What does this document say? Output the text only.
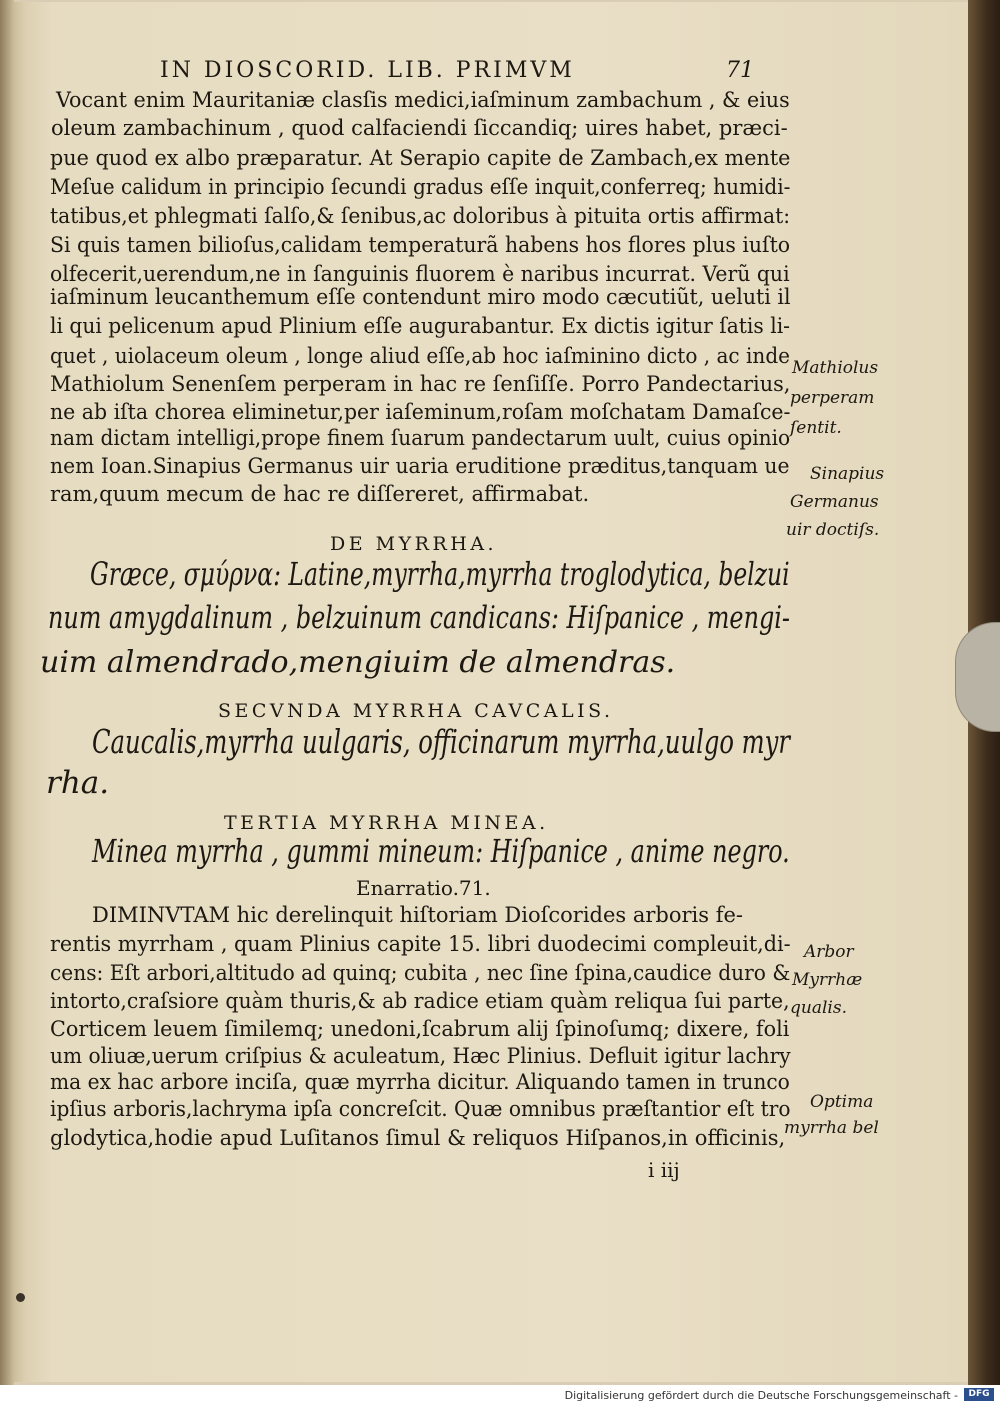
IN DIOSCORID. LIB. PRIMVM	71
Vocant enim Mauritaniæ clasſis medici,iaſminum zambachum , & eius
oleum zambachinum , quod calfaciendi ſiccandiq; uires habet, præci-
pue quod ex albo præparatur. At Serapio capite de Zambach,ex mente
Meſue calidum in principio ſecundi gradus eſſe inquit,conferreq; humidi-
tatibus,et phlegmati ſalſo,& ſenibus,ac doloribus à pituita ortis affirmat:
Si quis tamen bilioſus,calidam temperaturã habens hos flores plus iuſto
olfecerit,uerendum,ne in ſanguinis fluorem è naribus incurrat. Verũ qui
iaſminum leucanthemum eſſe contendunt miro modo cæcutiũt, ueluti il
li qui pelicenum apud Plinium eſſe augurabantur. Ex dictis igitur ſatis li-
quet , uiolaceum oleum , longe aliud eſſe,ab hoc iaſminino dicto , ac inde
Mathiolum Senenſem perperam in hac re ſenſiſſe. Porro Pandectarius,
ne ab iſta chorea eliminetur,per iaſeminum,roſam moſchatam Damaſce-
nam dictam intelligi,prope finem ſuarum pandectarum uult, cuius opinio
nem Ioan.Sinapius Germanus uir uaria eruditione præditus,tanquam ue
ram,quum mecum de hac re diſſereret, affirmabat.
Mathiolus
perperam
ſentit.
Sinapius
Germanus
uir doctiſs.
Arbor
Myrrhæ
qualis.
Optima
myrrha bel
DE MYRRHA.
Græce, σμύρνα: Latine,myrrha,myrrha troglodytica, belzui
num amygdalinum , belzuinum candicans: Hiſpanice , mengi-
uim almendrado,mengiuim de almendras.
SECVNDA MYRRHA CAVCALIS.
Caucalis,myrrha uulgaris, officinarum myrrha,uulgo myr
rha.
TERTIA MYRRHA MINEA.
Minea myrrha , gummi mineum: Hiſpanice , anime negro.
Enarratio.71.
DIMINVTAM hic derelinquit hiſtoriam Dioſcorides arboris fe-
rentis myrrham , quam Plinius capite 15. libri duodecimi compleuit,di-
cens: Eſt arbori,altitudo ad quinq; cubita , nec ſine ſpina,caudice duro &
intorto,craſsiore quàm thuris,& ab radice etiam quàm reliqua ſui parte,
Corticem leuem ſimilemq; unedoni,ſcabrum alij ſpinoſumq; dixere, foli
um oliuæ,uerum criſpius & aculeatum, Hæc Plinius. Defluit igitur lachry
ma ex hac arbore inciſa, quæ myrrha dicitur. Aliquando tamen in trunco
ipſius arboris,lachryma ipſa concreſcit. Quæ omnibus præſtantior eſt tro
glodytica,hodie apud Luſitanos ſimul & reliquos Hiſpanos,in officinis,
i iij
Digitalisierung gefördert durch die Deutsche Forschungsgemeinschaft -	DFG
